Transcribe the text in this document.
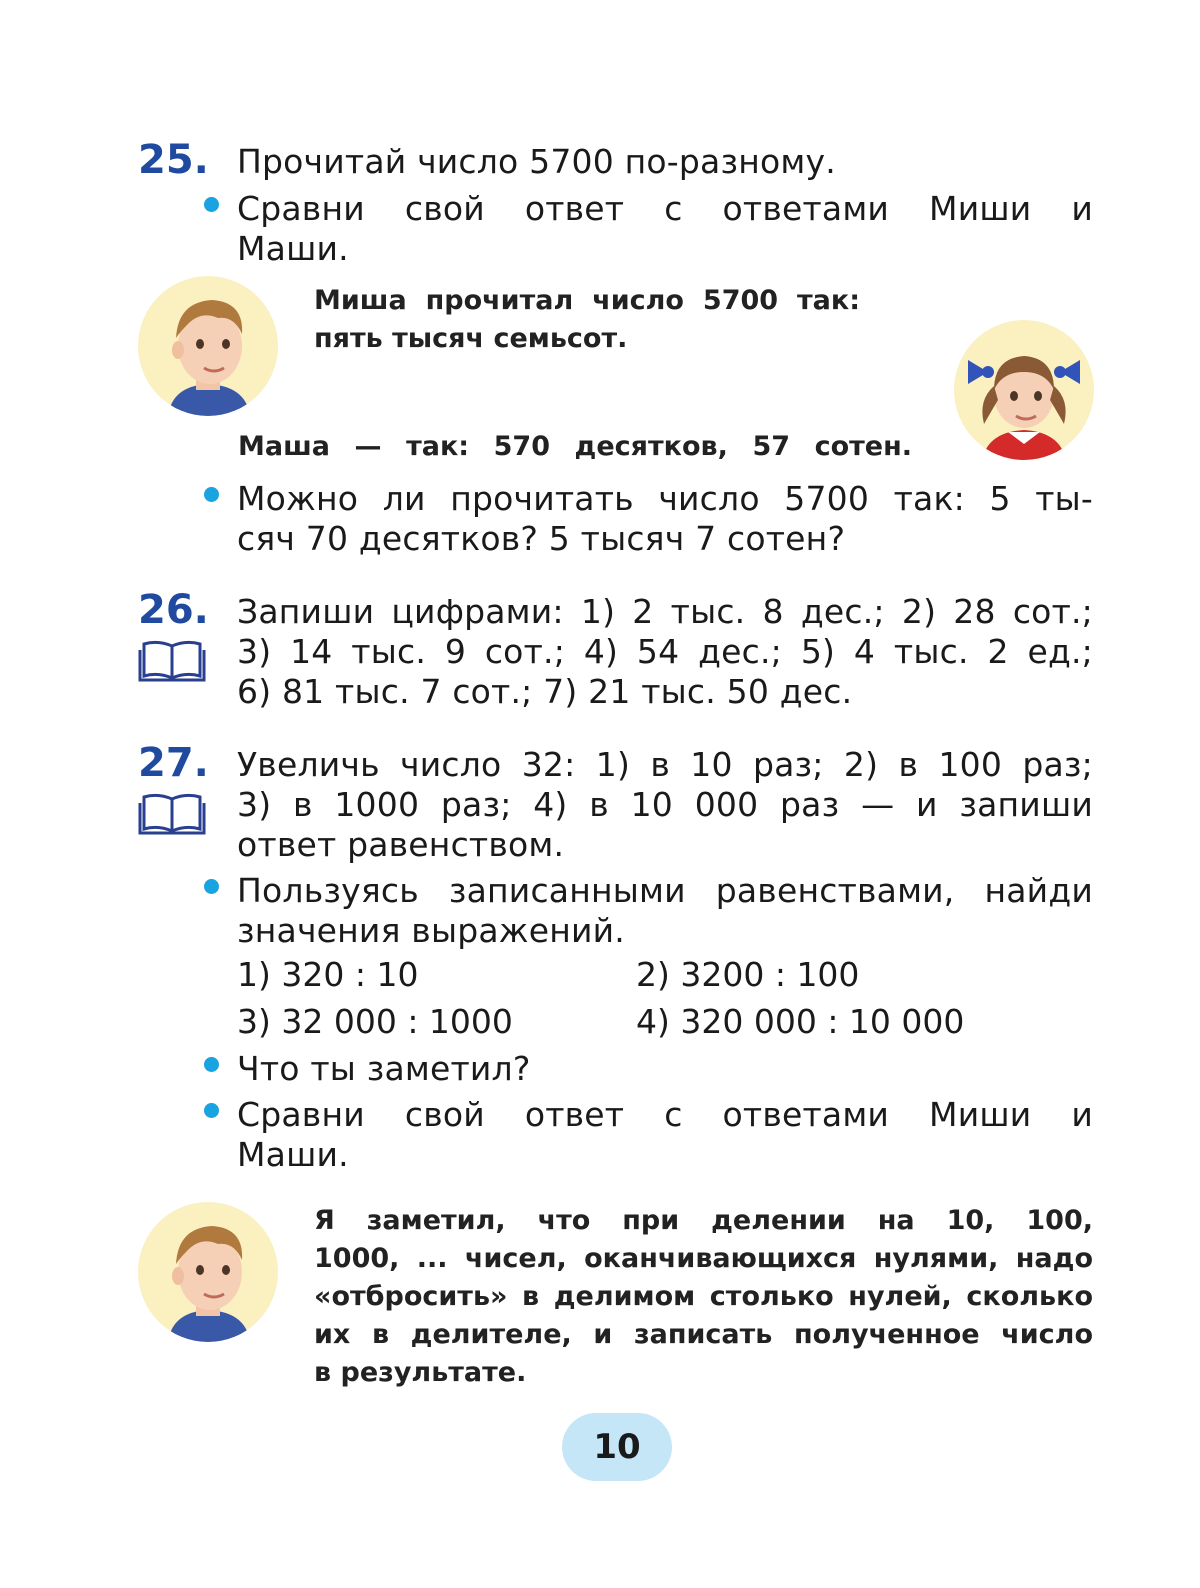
25. Прочитай число 5700 по-разному.
Сравни свой ответ с ответами Миши и
Маши.
Миша прочитал число 5700 так:
пять тысяч семьсот.
Маша — так: 570 десятков, 57 сотен.
Можно ли прочитать число 5700 так: 5 ты-
сяч 70 десятков? 5 тысяч 7 сотен?
26. Запиши цифрами: 1) 2 тыс. 8 дес.; 2) 28 сот.;
3) 14 тыс. 9 сот.; 4) 54 дес.; 5) 4 тыс. 2 ед.;
6) 81 тыс. 7 сот.; 7) 21 тыс. 50 дес.
27. Увеличь число 32: 1) в 10 раз; 2) в 100 раз;
3) в 1000 раз; 4) в 10 000 раз — и запиши
ответ равенством.
Пользуясь записанными равенствами, найди
значения выражений.
1) 320 : 10	2) 3200 : 100
3) 32 000 : 1000	4) 320 000 : 10 000
Что ты заметил?
Сравни свой ответ с ответами Миши и
Маши.
Я заметил, что при делении на 10, 100,
1000, ... чисел, оканчивающихся нулями, надо
«отбросить» в делимом столько нулей, сколько
их в делителе, и записать полученное число
в результате.
10
